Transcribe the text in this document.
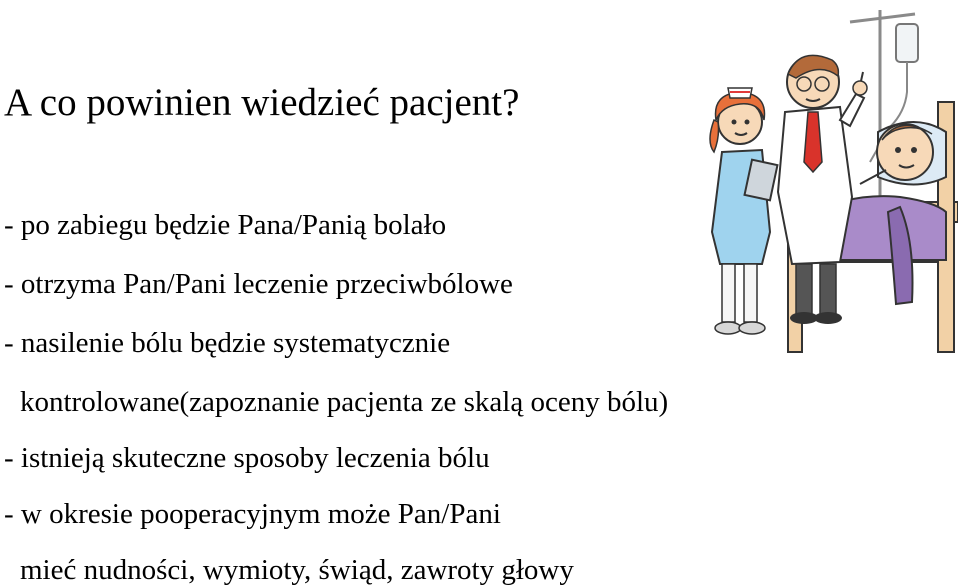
A co powinien wiedzieć pacjent?
- po zabiegu będzie Pana/Panią bolało
- otrzyma Pan/Pani leczenie przeciwbólowe
- nasilenie bólu będzie systematycznie
kontrolowane(zapoznanie pacjenta ze skalą oceny bólu)
- istnieją skuteczne sposoby leczenia bólu
- w okresie pooperacyjnym może Pan/Pani
mieć nudności, wymioty, świąd, zawroty głowy
